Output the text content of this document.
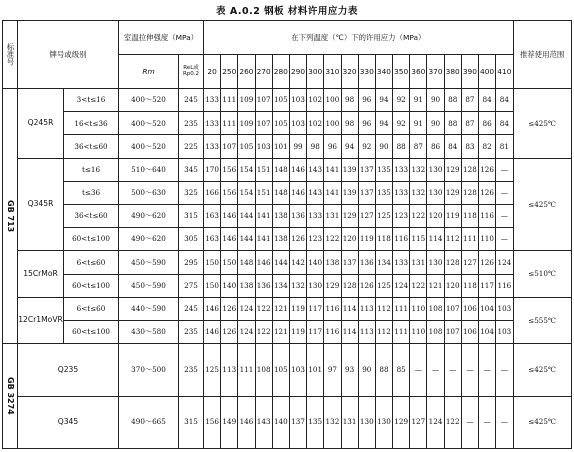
表 A.0.2 钢板 材料许用应力表
标准号	牌号或级别		室温拉伸强度（MPa）		在下列温度（℃）下的许用应力（MPa）																		推荐使用范围
			Rm	ReL或Rp0.2	20	250	260	270	280	290	300	310	320	330	340	350	360	370	380	390	400	410	
GB 713	Q245R	3<t≤16	400～520	245	133	111	109	107	105	103	102	100	98	96	94	92	91	90	88	87	84	84	≤425℃
		16<t≤36	400～520	235	133	111	109	107	105	103	102	100	98	96	94	92	91	90	88	87	86	84	
		36<t≤60	400～520	225	133	107	105	103	101	99	98	96	94	92	90	88	87	86	84	83	82	81	
	Q345R	t≤16	510～640	345	170	156	154	151	148	146	143	141	139	137	135	133	132	130	129	128	126	—	≤425℃
		t≤36	500～630	325	166	156	154	151	148	146	143	141	139	137	135	133	132	130	129	128	126	—	
		36<t≤60	490～620	315	163	146	144	141	138	136	133	131	129	127	125	123	122	120	119	118	116	—	
		60<t≤100	490～620	305	163	146	144	141	138	126	123	122	120	119	118	116	115	114	112	111	110	—	
	15CrMoR	6<t≤60	450～590	295	150	150	148	146	144	142	140	138	137	136	134	133	131	130	128	127	126	124	≤510℃
		60<t≤100	450～590	275	150	140	138	136	134	132	130	129	128	126	125	124	122	121	120	118	117	116	
	12Cr1MoVR	6<t≤60	440～590	245	146	126	124	122	121	119	117	116	114	113	112	111	110	108	107	106	104	103	≤555℃
		60<t≤100	430～580	235	146	126	124	122	121	119	117	116	114	113	112	111	110	108	107	106	104	103	
GB 3274	Q235		370～500	235	125	113	111	108	105	103	101	97	93	90	88	85	—	—	—	—	—	—	≤425℃
	Q345		490～665	315	156	149	146	143	140	137	135	132	131	130	130	129	127	124	122	—	—	—	≤425℃
